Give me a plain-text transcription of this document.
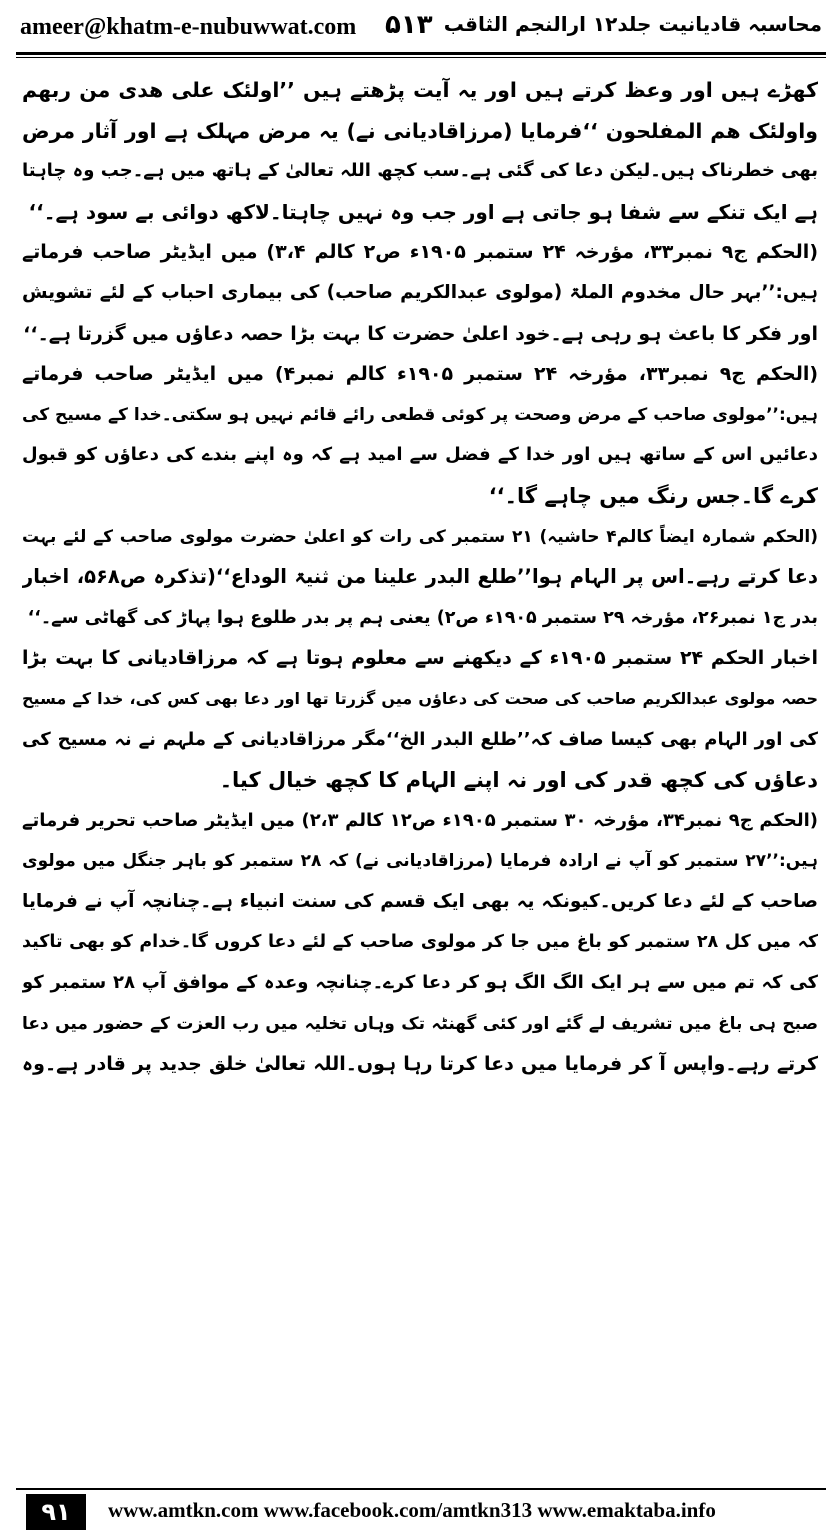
ameer@khatm-e-nubuwwat.com ۵۱۳ محاسبہ قادیانیت جلد۱۲ ارالنجم الثاقب
کھڑے ہیں اور وعظ کرتے ہیں اور یہ آیت پڑھتے ہیں ’’اولئک علی ھدی من ربھم
واولئک ھم المفلحون ‘‘فرمایا (مرزاقادیانی نے) یہ مرض مہلک ہے اور آثار مرض
بھی خطرناک ہیں۔لیکن دعا کی گئی ہے۔سب کچھ اللہ تعالیٰ کے ہاتھ میں ہے۔جب وہ چاہتا
ہے ایک تنکے سے شفا ہو جاتی ہے اور جب وہ نہیں چاہتا۔لاکھ دوائی بے سود ہے۔‘‘
(الحکم ج۹ نمبر۳۳، مؤرخہ ۲۴ ستمبر ۱۹۰۵ء ص۲ کالم ۳،۴) میں ایڈیٹر صاحب فرماتے
ہیں:’’بہر حال مخدوم الملۃ (مولوی عبدالکریم صاحب) کی بیماری احباب کے لئے تشویش
اور فکر کا باعث ہو رہی ہے۔خود اعلیٰ حضرت کا بہت بڑا حصہ دعاؤں میں گزرتا ہے۔‘‘
(الحکم ج۹ نمبر۳۳، مؤرخہ ۲۴ ستمبر ۱۹۰۵ء کالم نمبر۴) میں ایڈیٹر صاحب فرماتے
ہیں:’’مولوی صاحب کے مرض وصحت پر کوئی قطعی رائے قائم نہیں ہو سکتی۔خدا کے مسیح کی
دعائیں اس کے ساتھ ہیں اور خدا کے فضل سے امید ہے کہ وہ اپنے بندے کی دعاؤں کو قبول
کرے گا۔جس رنگ میں چاہے گا۔‘‘
(الحکم شمارہ ایضاً کالم۴ حاشیہ) ۲۱ ستمبر کی رات کو اعلیٰ حضرت مولوی صاحب کے لئے بہت
دعا کرتے رہے۔اس پر الہام ہوا’’طلع البدر علینا من ثنیۃ الوداع‘‘(تذکرہ ص۵۶۸، اخبار
بدر ج۱ نمبر۲۶، مؤرخہ ۲۹ ستمبر ۱۹۰۵ء ص۲) یعنی ہم پر بدر طلوع ہوا پہاڑ کی گھاٹی سے۔‘‘
اخبار الحکم ۲۴ ستمبر ۱۹۰۵ء کے دیکھنے سے معلوم ہوتا ہے کہ مرزاقادیانی کا بہت بڑا
حصہ مولوی عبدالکریم صاحب کی صحت کی دعاؤں میں گزرتا تھا اور دعا بھی کس کی، خدا کے مسیح
کی اور الہام بھی کیسا صاف کہ’’طلع البدر الخ‘‘مگر مرزاقادیانی کے ملہم نے نہ مسیح کی
دعاؤں کی کچھ قدر کی اور نہ اپنے الہام کا کچھ خیال کیا۔
(الحکم ج۹ نمبر۳۴، مؤرخہ ۳۰ ستمبر ۱۹۰۵ء ص۱۲ کالم ۲،۳) میں ایڈیٹر صاحب تحریر فرماتے
ہیں:’’۲۷ ستمبر کو آپ نے ارادہ فرمایا (مرزاقادیانی نے) کہ ۲۸ ستمبر کو باہر جنگل میں مولوی
صاحب کے لئے دعا کریں۔کیونکہ یہ بھی ایک قسم کی سنت انبیاء ہے۔چنانچہ آپ نے فرمایا
کہ میں کل ۲۸ ستمبر کو باغ میں جا کر مولوی صاحب کے لئے دعا کروں گا۔خدام کو بھی تاکید
کی کہ تم میں سے ہر ایک الگ الگ ہو کر دعا کرے۔چنانچہ وعدہ کے موافق آپ ۲۸ ستمبر کو
صبح ہی باغ میں تشریف لے گئے اور کئی گھنٹہ تک وہاں تخلیہ میں رب العزت کے حضور میں دعا
کرتے رہے۔واپس آ کر فرمایا میں دعا کرتا رہا ہوں۔اللہ تعالیٰ خلق جدید پر قادر ہے۔وہ
۹۱	www.amtkn.com www.facebook.com/amtkn313 www.emaktaba.info
